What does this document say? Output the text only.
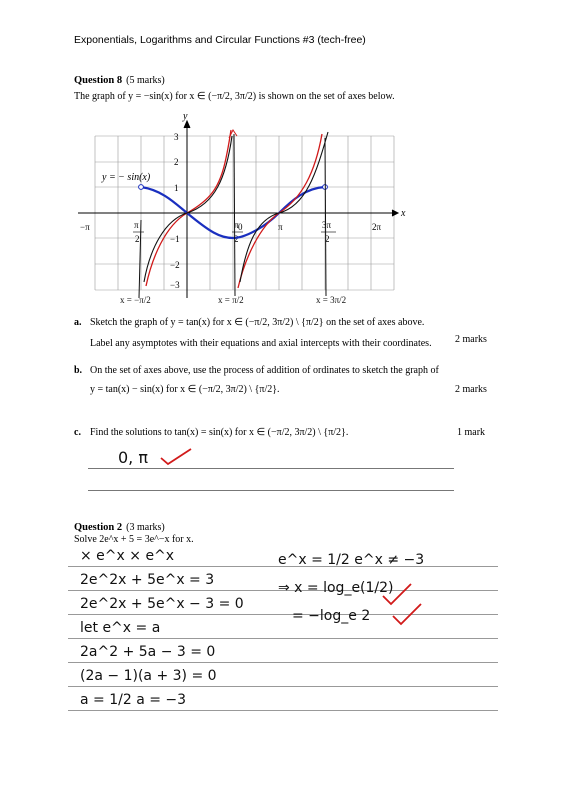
Exponentials, Logarithms and Circular Functions #3 (tech-free)
Question 8 (5 marks)
The graph of y = −sin(x) for x ∈ (−π/2, 3π/2) is shown on the set of axes below.
x
y
3
2
1
−1
−2
−3
−π	π
2
0
π
2
π	3π
2
2π
y = − sin(x)
x = −π/2	x = π/2	x = 3π/2
a. Sketch the graph of y = tan(x) for x ∈ (−π/2, 3π/2) \ {π/2} on the set of axes above.
Label any asymptotes with their equations and axial intercepts with their coordinates.	2 marks
b. On the set of axes above, use the process of addition of ordinates to sketch the graph of
y = tan(x) − sin(x) for x ∈ (−π/2, 3π/2) \ {π/2}.	2 marks
c. Find the solutions to tan(x) = sin(x) for x ∈ (−π/2, 3π/2) \ {π/2}.	1 mark
0, π
Question 2 (3 marks)
Solve 2e^x + 5 = 3e^−x for x.
× e^x × e^x
2e^2x + 5e^x = 3
2e^2x + 5e^x − 3 = 0
let e^x = a
2a^2 + 5a − 3 = 0
(2a − 1)(a + 3) = 0
a = 1/2 a = −3
e^x = 1/2 e^x ≠ −3
⇒ x = log_e(1/2)
= −log_e 2
